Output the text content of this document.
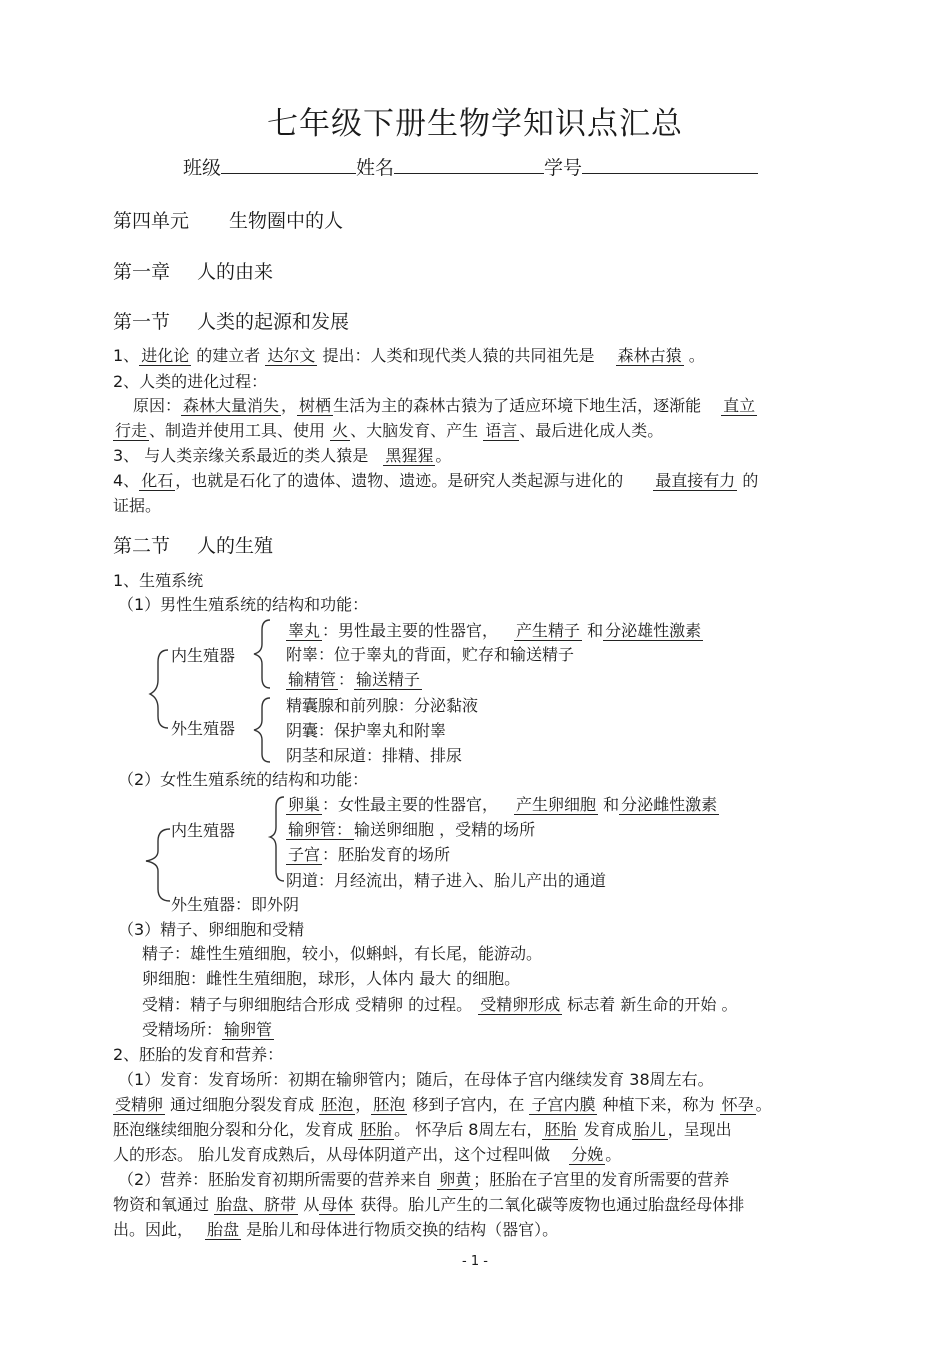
七年级下册生物学知识点汇总
班级	姓名	学号
第四单元 生物圈中的人
第一章 人的由来
第一节 人类的起源和发展
1、 进化论 的建立者 达尔文 提出：人类和现代类人猿的共同祖先是 森林古猿 。
2、人类的进化过程：
原因： 森林大量消失 ， 树栖 生活为主的森林古猿为了适应环境下地生活，逐渐能 直立
行走 、制造并使用工具、使用 火 、大脑发育、产生 语言 、最后进化成人类。
3、 与人类亲缘关系最近的类人猿是 黑猩猩 。
4、 化石 ，也就是石化了的遗体、遗物、遗迹。是研究人类起源与进化的 最直接有力 的
证据。
第二节 人的生殖
1、生殖系统
（1）男性生殖系统的结构和功能：
内生殖器
外生殖器
睾丸 ：男性最主要的性器官， 产生精子 和 分泌雄性激素
附睾：位于睾丸的背面，贮存和输送精子
输精管 ： 输送精子
精囊腺和前列腺：分泌黏液
阴囊：保护睾丸和附睾
阴茎和尿道：排精、排尿
（2）女性生殖系统的结构和功能：
内生殖器
外生殖器：即外阴
卵巢 ：女性最主要的性器官， 产生卵细胞 和 分泌雌性激素
输卵管： 输送卵细胞 ，受精的场所
子宫 ：胚胎发育的场所
阴道：月经流出，精子进入、胎儿产出的通道
（3）精子、卵细胞和受精
精子：雄性生殖细胞，较小，似蝌蚪，有长尾，能游动。
卵细胞：雌性生殖细胞，球形，人体内 最大 的细胞。
受精：精子与卵细胞结合形成 受精卵 的过程。 受精卵形成 标志着 新生命的开始 。
受精场所： 输卵管
2、胚胎的发育和营养：
（1）发育：发育场所：初期在输卵管内；随后，在母体子宫内继续发育 38周左右。
受精卵 通过细胞分裂发育成 胚泡 ， 胚泡 移到子宫内，在 子宫内膜 种植下来，称为 怀孕 。
胚泡继续细胞分裂和分化，发育成 胚胎 。 怀孕后 8周左右， 胚胎 发育成 胎儿 ，呈现出
人的形态。 胎儿发育成熟后，从母体阴道产出，这个过程叫做 分娩 。
（2）营养：胚胎发育初期所需要的营养来自 卵黄 ；胚胎在子宫里的发育所需要的营养
物资和氧通过 胎盘、脐带 从 母体 获得。胎儿产生的二氧化碳等废物也通过胎盘经母体排
出。因此， 胎盘 是胎儿和母体进行物质交换的结构（器官）。
- 1 -
